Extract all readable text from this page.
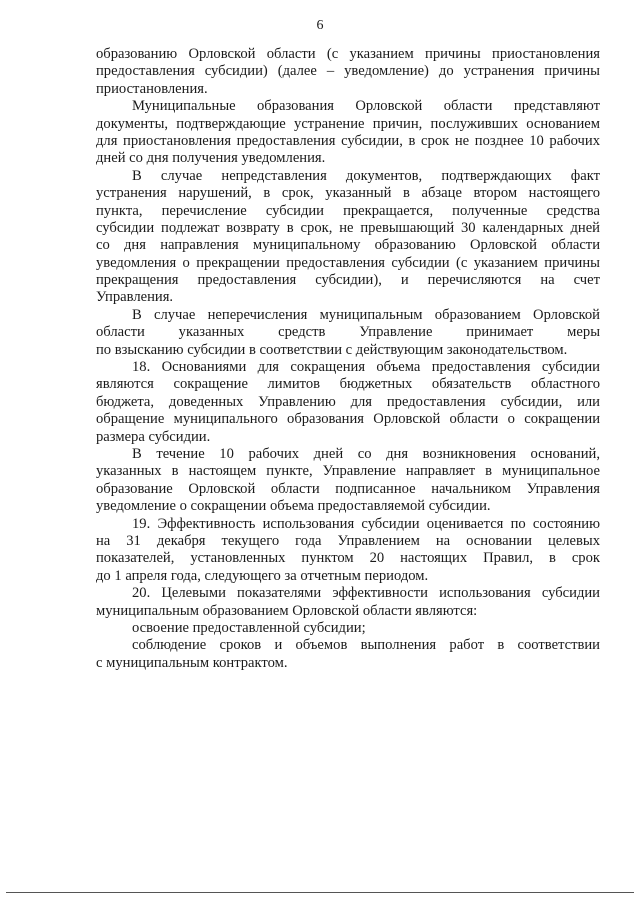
6
образованию Орловской области (с указанием причины приостановления
предоставления субсидии) (далее – уведомление) до устранения причины
приостановления.
Муниципальные образования Орловской области представляют
документы, подтверждающие устранение причин, послуживших основанием
для приостановления предоставления субсидии, в срок не позднее 10 рабочих
дней со дня получения уведомления.
В случае непредставления документов, подтверждающих факт
устранения нарушений, в срок, указанный в абзаце втором настоящего
пункта, перечисление субсидии прекращается, полученные средства
субсидии подлежат возврату в срок, не превышающий 30 календарных дней
со дня направления муниципальному образованию Орловской области
уведомления о прекращении предоставления субсидии (с указанием причины
прекращения предоставления субсидии), и перечисляются на счет
Управления.
В случае неперечисления муниципальным образованием Орловской
области указанных средств Управление принимает меры
по взысканию субсидии в соответствии с действующим законодательством.
18. Основаниями для сокращения объема предоставления субсидии
являются сокращение лимитов бюджетных обязательств областного
бюджета, доведенных Управлению для предоставления субсидии, или
обращение муниципального образования Орловской области о сокращении
размера субсидии.
В течение 10 рабочих дней со дня возникновения оснований,
указанных в настоящем пункте, Управление направляет в муниципальное
образование Орловской области подписанное начальником Управления
уведомление о сокращении объема предоставляемой субсидии.
19. Эффективность использования субсидии оценивается по состоянию
на 31 декабря текущего года Управлением на основании целевых
показателей, установленных пунктом 20 настоящих Правил, в срок
до 1 апреля года, следующего за отчетным периодом.
20. Целевыми показателями эффективности использования субсидии
муниципальным образованием Орловской области являются:
освоение предоставленной субсидии;
соблюдение сроков и объемов выполнения работ в соответствии
с муниципальным контрактом.
